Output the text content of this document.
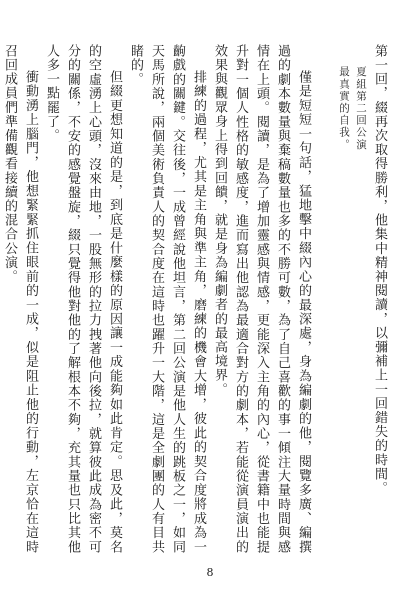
第一回，綴再次取得勝利，他集中精神閱讀，以彌補上一回錯失的時間。

夏組第二回公演

最真實的自我。

僅是短短一句話，猛地擊中綴內心的最深處，身為編劇的他，閱覽多廣、編撰過的劇本數量與棄稿數量也多的不勝可數，為了自己喜歡的事一傾注大量時間與感情在上頭。閱讀，是為了增加靈感與情感，更能深入主角的內心，從書籍中也能提升對一個人性格的敏感度，進而寫出他認為最適合對方的劇本，若能從演員演出的效果與觀眾身上得到回饋，就是身為編劇者的最高境界。

排練的過程，尤其是主角與準主角，磨練的機會大增，彼此的契合度將成為一齣戲的關鍵。交往後，一成曾經說他坦言，第二回公演是他人生的跳板之一，如同天馬所說，兩個美術負責人的契合度在這時也躍升一大階，這是全劇團的人有目共睹的。

但綴更想知道的是，到底是什麼樣的原因讓一成能夠如此肯定。思及此，莫名的空虛湧上心頭，沒來由地，一股無形的拉力拽著他向後拉，就算彼此成為密不可分的關係，不安的感覺盤旋，綴只覺得他對他的了解根本不夠，充其量也只比其他人多一點罷了。

衝動湧上腦門，他想緊緊抓住眼前的一成，似是阻止他的行動，左京恰在這時召回成員們準備觀看接續的混合公演。

8
